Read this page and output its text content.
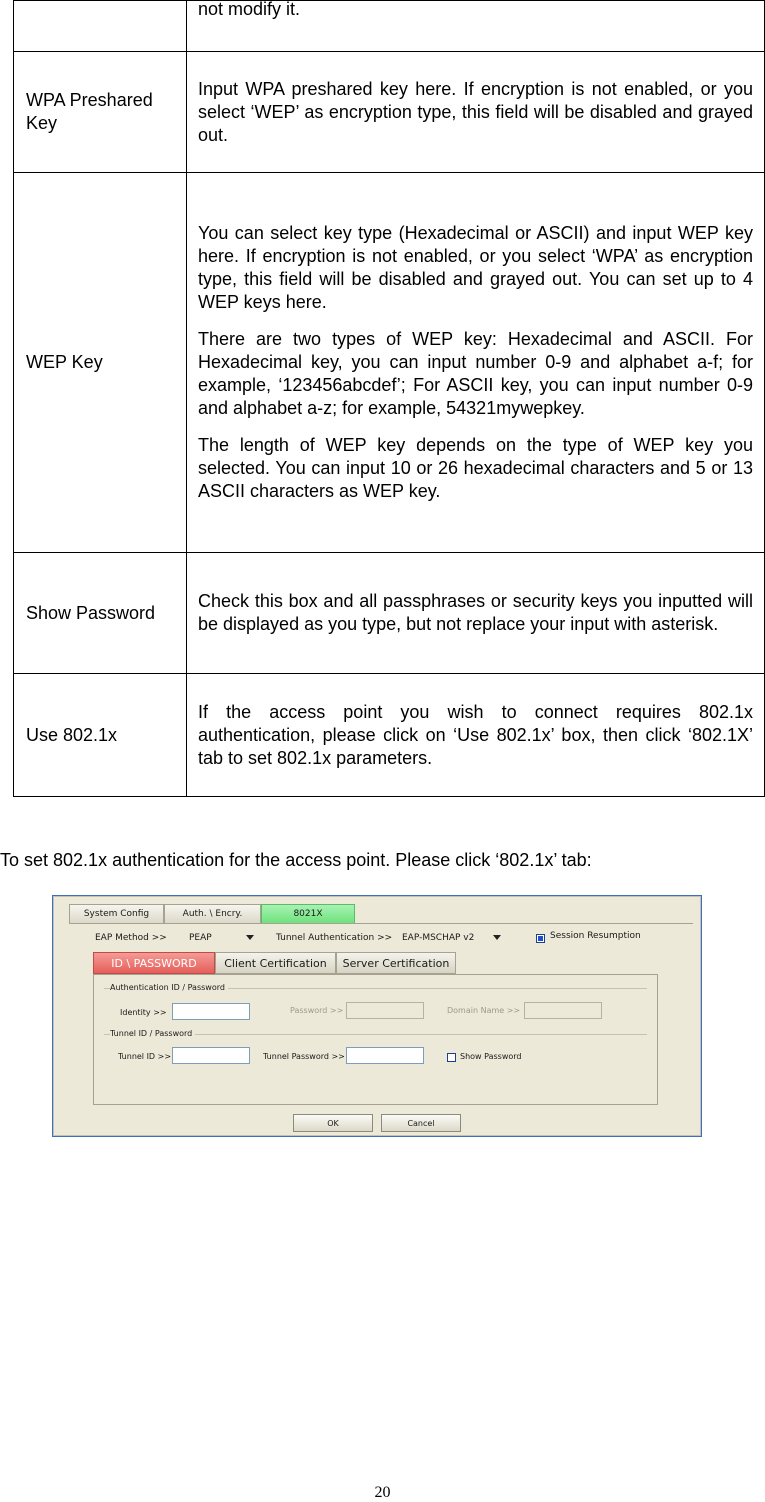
	not modify it.

WPA Preshared Key	Input WPA preshared key here. If encryption is not enabled, or you select ‘WEP’ as encryption type, this field will be disabled and grayed out.

WEP Key	You can select key type (Hexadecimal or ASCII) and input WEP key here. If encryption is not enabled, or you select ‘WPA’ as encryption type, this field will be disabled and grayed out. You can set up to 4 WEP keys here.

There are two types of WEP key: Hexadecimal and ASCII. For Hexadecimal key, you can input number 0-9 and alphabet a-f; for example, ‘123456abcdef’; For ASCII key, you can input number 0-9 and alphabet a-z; for example, 54321mywepkey.

The length of WEP key depends on the type of WEP key you selected. You can input 10 or 26 hexadecimal characters and 5 or 13 ASCII characters as WEP key.

Show Password	Check this box and all passphrases or security keys you inputted will be displayed as you type, but not replace your input with asterisk.

Use 802.1x	If the access point you wish to connect requires 802.1x authentication, please click on ‘Use 802.1x’ box, then click ‘802.1X’ tab to set 802.1x parameters.

To set 802.1x authentication for the access point. Please click ‘802.1x’ tab:

System Config	Auth. \ Encry.	8021X
EAP Method >> PEAP	Tunnel Authentication >> EAP-MSCHAP v2	Session Resumption
ID \ PASSWORD	Client Certification	Server Certification
Authentication ID / Password
Identity >>	Password >>	Domain Name >>
Tunnel ID / Password
Tunnel ID >>	Tunnel Password >>	Show Password
OK	Cancel
20
